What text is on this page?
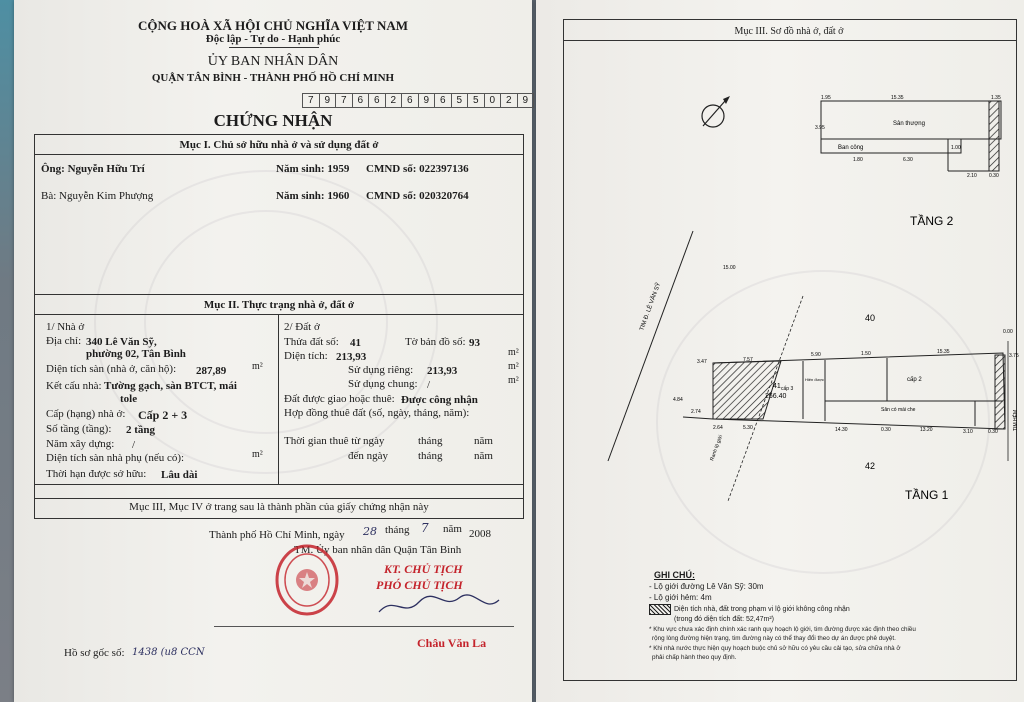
CỘNG HOÀ XÃ HỘI CHỦ NGHĨA VIỆT NAM
Độc lập - Tự do - Hạnh phúc
ỦY BAN NHÂN DÂN
QUẬN TÂN BÌNH - THÀNH PHỐ HỒ CHÍ MINH
7	9	7	6	6	2	6	9	6	5	5	0	2	9
CHỨNG NHẬN
Mục I. Chủ sở hữu nhà ở và sử dụng đất ở
Ông: Nguyễn Hữu Trí	Năm sinh: 1959 CMND số: 022397136
Bà: Nguyễn Kim Phượng	Năm sinh: 1960 CMND số: 020320764
Mục II. Thực trạng nhà ở, đất ở
1/ Nhà ở
Địa chỉ: 340 Lê Văn Sỹ,
phường 02, Tân Bình
Diện tích sàn (nhà ở, căn hộ): 287,89	m²
Kết cấu nhà: Tường gạch, sàn BTCT, mái
tole
Cấp (hạng) nhà ở: Cấp 2 + 3
Số tầng (tầng): 2 tầng
Năm xây dựng: /
Diện tích sàn nhà phụ (nếu có):	m²
Thời hạn được sở hữu: Lâu dài
2/ Đất ở
Thửa đất số: 41	Tờ bản đồ số: 93
Diện tích: 213,93	m²
Sử dụng riêng: 213,93	m²
Sử dụng chung: /	m²
Đất được giao hoặc thuê: Được công nhận
Hợp đồng thuê đất (số, ngày, tháng, năm):
Thời gian thuê từ ngày	tháng	năm
đến ngày	tháng	năm
Mục III, Mục IV ở trang sau là thành phần của giấy chứng nhận này
Thành phố Hồ Chí Minh, ngày 28 tháng 7 năm 2008
TM. Ủy ban nhân dân Quận Tân Bình
KT. CHỦ TỊCH
PHÓ CHỦ TỊCH
Châu Văn La
Hồ sơ gốc số: 1438 (u8 CCN
Mục III. Sơ đồ nhà ở, đất ở
1.95	15.35	1.35
3.95
Sân thượng
Ban công
1.80	6.30
2.10 0.30
1.00
TẦNG 2
TIM Đ. LÊ VĂN SỸ
15.00
Ranh lộ giới
40
42
41
266.40
cấp 3
Hiên được	cấp 2
Sân có mái che
3.47	7.57
5.90	1.50	15.35
0.00
3.75
TIM HẺM
4.84
2.74
2.64	5.30	14.30	0.30	13.20	3.10	0.30
TẦNG 1
GHI CHÚ:
- Lộ giới đường Lê Văn Sỹ: 30m
- Lộ giới hẻm: 4m
Diện tích nhà, đất trong phạm vi lộ giới không công nhận
(trong đó diện tích đất: 52,47m²)
* Khu vực chưa xác định chính xác ranh quy hoạch lộ giới, tim đường được xác định theo chiều
rộng lòng đường hiện trạng, tim đường này có thể thay đổi theo dự án được phê duyệt.
* Khi nhà nước thực hiện quy hoạch buộc chủ sở hữu có yêu cầu cải tạo, sửa chữa nhà ở
phải chấp hành theo quy định.
